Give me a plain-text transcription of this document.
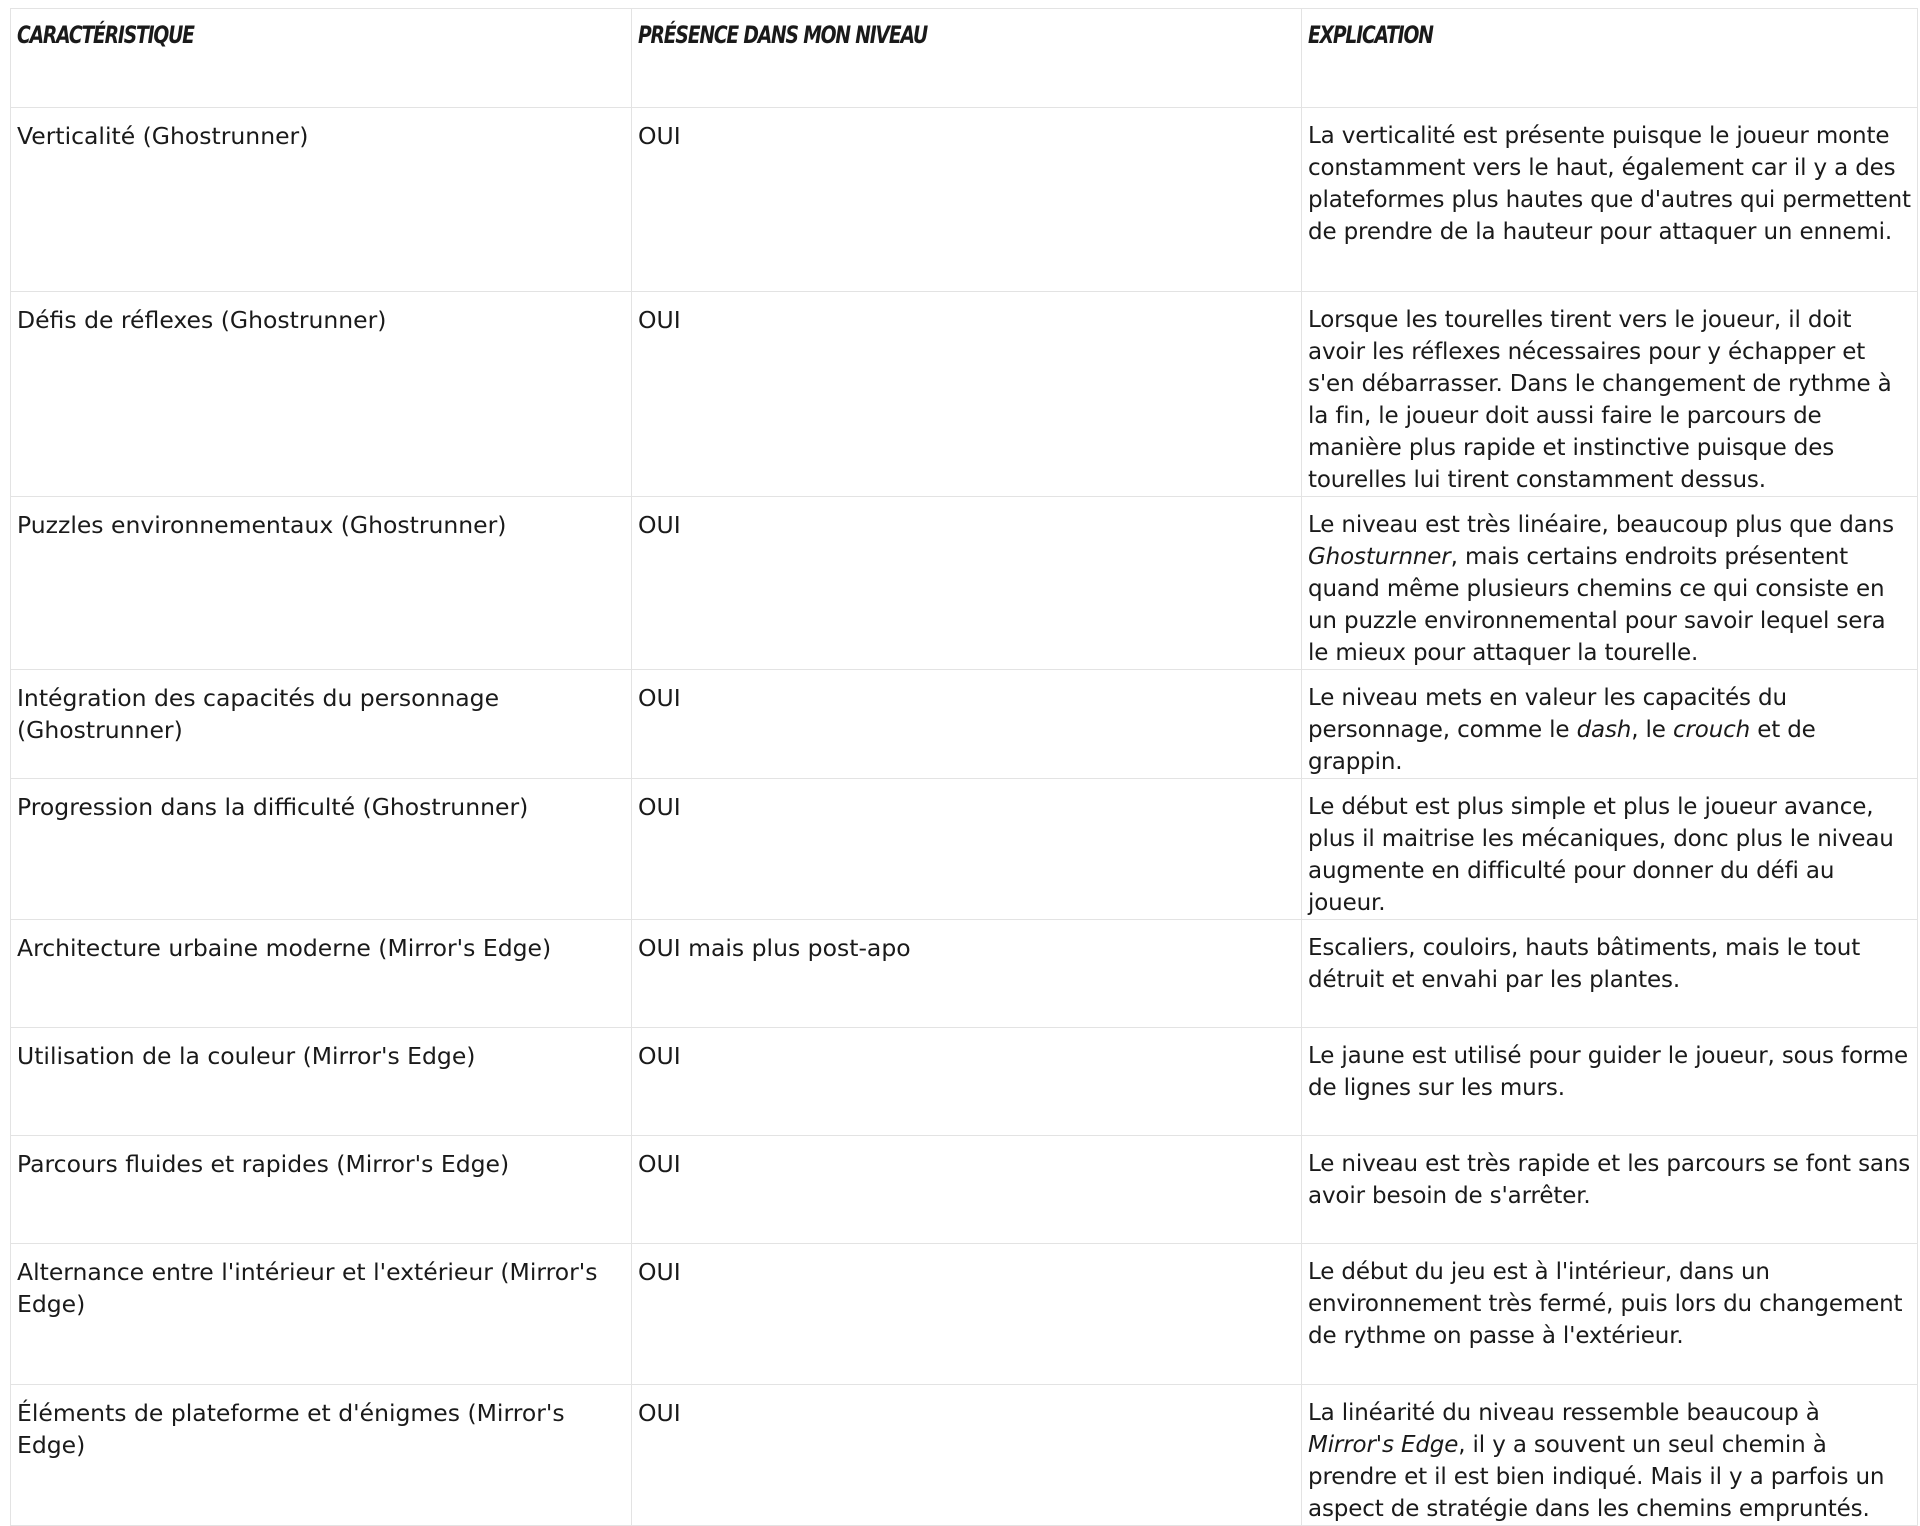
CARACTÉRISTIQUE	PRÉSENCE DANS MON NIVEAU	EXPLICATION
Verticalité (Ghostrunner)	OUI	La verticalité est présente puisque le joueur monte constamment vers le haut, également car il y a des plateformes plus hautes que d'autres qui permettent de prendre de la hauteur pour attaquer un ennemi.
Défis de réflexes (Ghostrunner)	OUI	Lorsque les tourelles tirent vers le joueur, il doit avoir les réflexes nécessaires pour y échapper et s'en débarrasser. Dans le changement de rythme à la fin, le joueur doit aussi faire le parcours de manière plus rapide et instinctive puisque des tourelles lui tirent constamment dessus.
Puzzles environnementaux (Ghostrunner)	OUI	Le niveau est très linéaire, beaucoup plus que dans Ghosturnner, mais certains endroits présentent quand même plusieurs chemins ce qui consiste en un puzzle environnemental pour savoir lequel sera le mieux pour attaquer la tourelle.
Intégration des capacités du personnage (Ghostrunner)	OUI	Le niveau mets en valeur les capacités du personnage, comme le dash, le crouch et de grappin.
Progression dans la difficulté (Ghostrunner)	OUI	Le début est plus simple et plus le joueur avance, plus il maitrise les mécaniques, donc plus le niveau augmente en difficulté pour donner du défi au joueur.
Architecture urbaine moderne (Mirror's Edge)	OUI mais plus post-apo	Escaliers, couloirs, hauts bâtiments, mais le tout détruit et envahi par les plantes.
Utilisation de la couleur (Mirror's Edge)	OUI	Le jaune est utilisé pour guider le joueur, sous forme de lignes sur les murs.
Parcours fluides et rapides (Mirror's Edge)	OUI	Le niveau est très rapide et les parcours se font sans avoir besoin de s'arrêter.
Alternance entre l'intérieur et l'extérieur (Mirror's Edge)	OUI	Le début du jeu est à l'intérieur, dans un environnement très fermé, puis lors du changement de rythme on passe à l'extérieur.
Éléments de plateforme et d'énigmes (Mirror's Edge)	OUI	La linéarité du niveau ressemble beaucoup à Mirror's Edge, il y a souvent un seul chemin à prendre et il est bien indiqué. Mais il y a parfois un aspect de stratégie dans les chemins empruntés.
